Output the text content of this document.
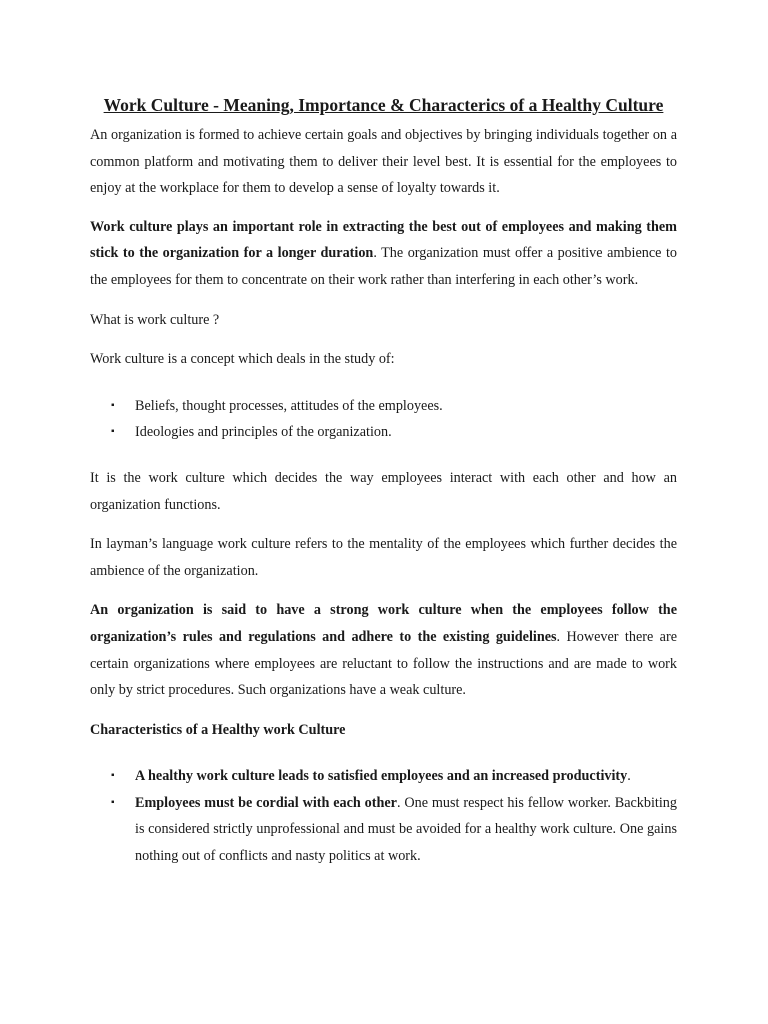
Work Culture - Meaning, Importance & Characterics of a Healthy Culture

An organization is formed to achieve certain goals and objectives by bringing individuals together on a common platform and motivating them to deliver their level best. It is essential for the employees to enjoy at the workplace for them to develop a sense of loyalty towards it.

Work culture plays an important role in extracting the best out of employees and making them stick to the organization for a longer duration. The organization must offer a positive ambience to the employees for them to concentrate on their work rather than interfering in each other’s work.

What is work culture ?

Work culture is a concept which deals in the study of:

▪ Beliefs, thought processes, attitudes of the employees.
▪ Ideologies and principles of the organization.

It is the work culture which decides the way employees interact with each other and how an organization functions.

In layman’s language work culture refers to the mentality of the employees which further decides the ambience of the organization.

An organization is said to have a strong work culture when the employees follow the organization’s rules and regulations and adhere to the existing guidelines. However there are certain organizations where employees are reluctant to follow the instructions and are made to work only by strict procedures. Such organizations have a weak culture.

Characteristics of a Healthy work Culture

▪ A healthy work culture leads to satisfied employees and an increased productivity.
▪ Employees must be cordial with each other. One must respect his fellow worker. Backbiting is considered strictly unprofessional and must be avoided for a healthy work culture. One gains nothing out of conflicts and nasty politics at work.
